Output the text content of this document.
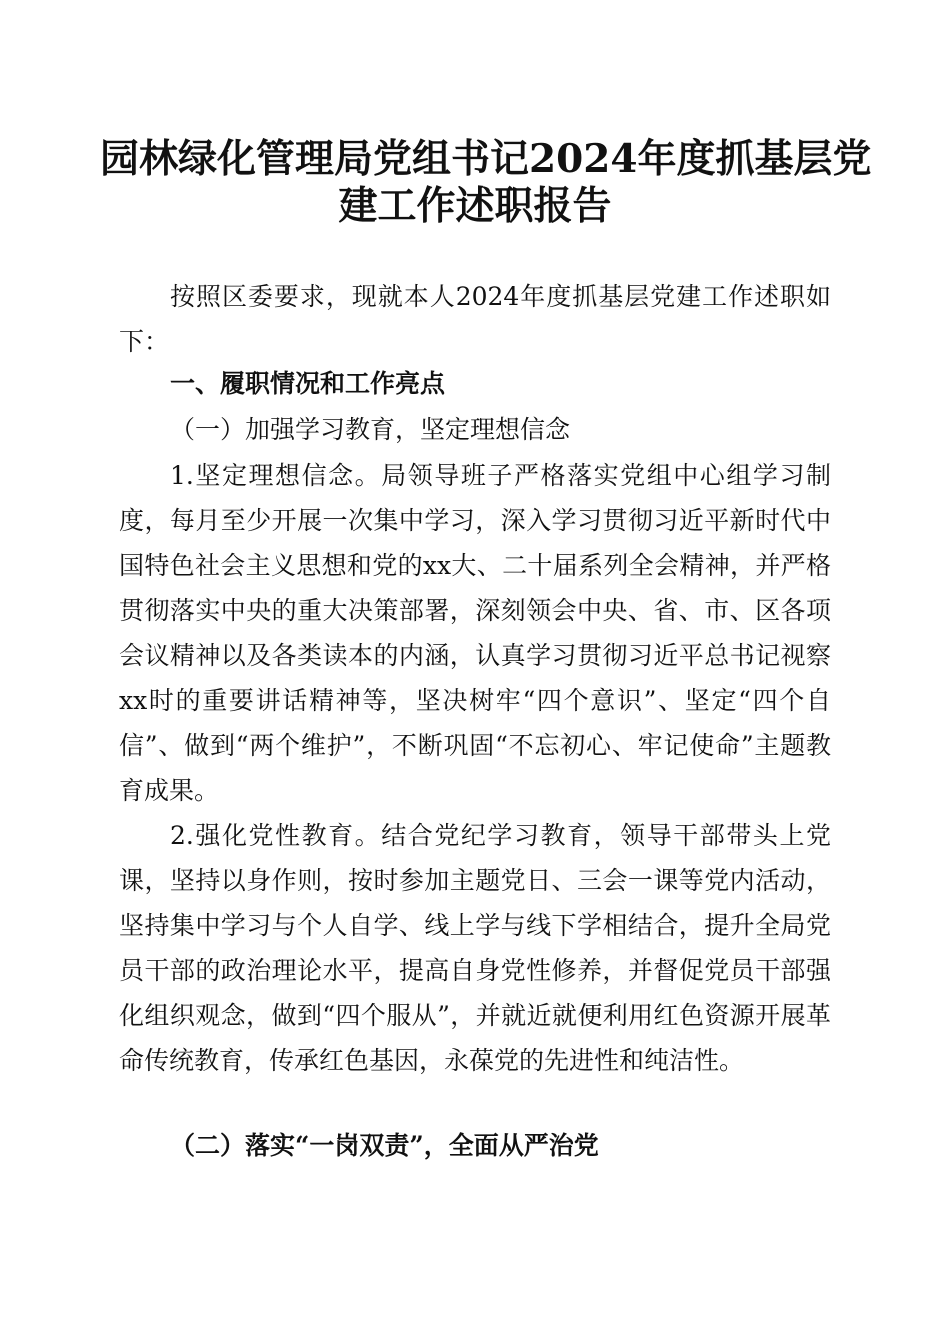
园林绿化管理局党组书记2024年度抓基层党
建工作述职报告
按照区委要求，现就本人2024年度抓基层党建工作述职如下：
一、履职情况和工作亮点
（一）加强学习教育，坚定理想信念
1.坚定理想信念。局领导班子严格落实党组中心组学习制度，每月至少开展一次集中学习，深入学习贯彻习近平新时代中国特色社会主义思想和党的xx大、二十届系列全会精神，并严格贯彻落实中央的重大决策部署，深刻领会中央、省、市、区各项会议精神以及各类读本的内涵，认真学习贯彻习近平总书记视察xx时的重要讲话精神等，坚决树牢“四个意识”、坚定“四个自信”、做到“两个维护”，不断巩固“不忘初心、牢记使命”主题教育成果。
2.强化党性教育。结合党纪学习教育，领导干部带头上党课，坚持以身作则，按时参加主题党日、三会一课等党内活动，坚持集中学习与个人自学、线上学与线下学相结合，提升全局党员干部的政治理论水平，提高自身党性修养，并督促党员干部强化组织观念，做到“四个服从”，并就近就便利用红色资源开展革命传统教育，传承红色基因，永葆党的先进性和纯洁性。
（二）落实“一岗双责”，全面从严治党
